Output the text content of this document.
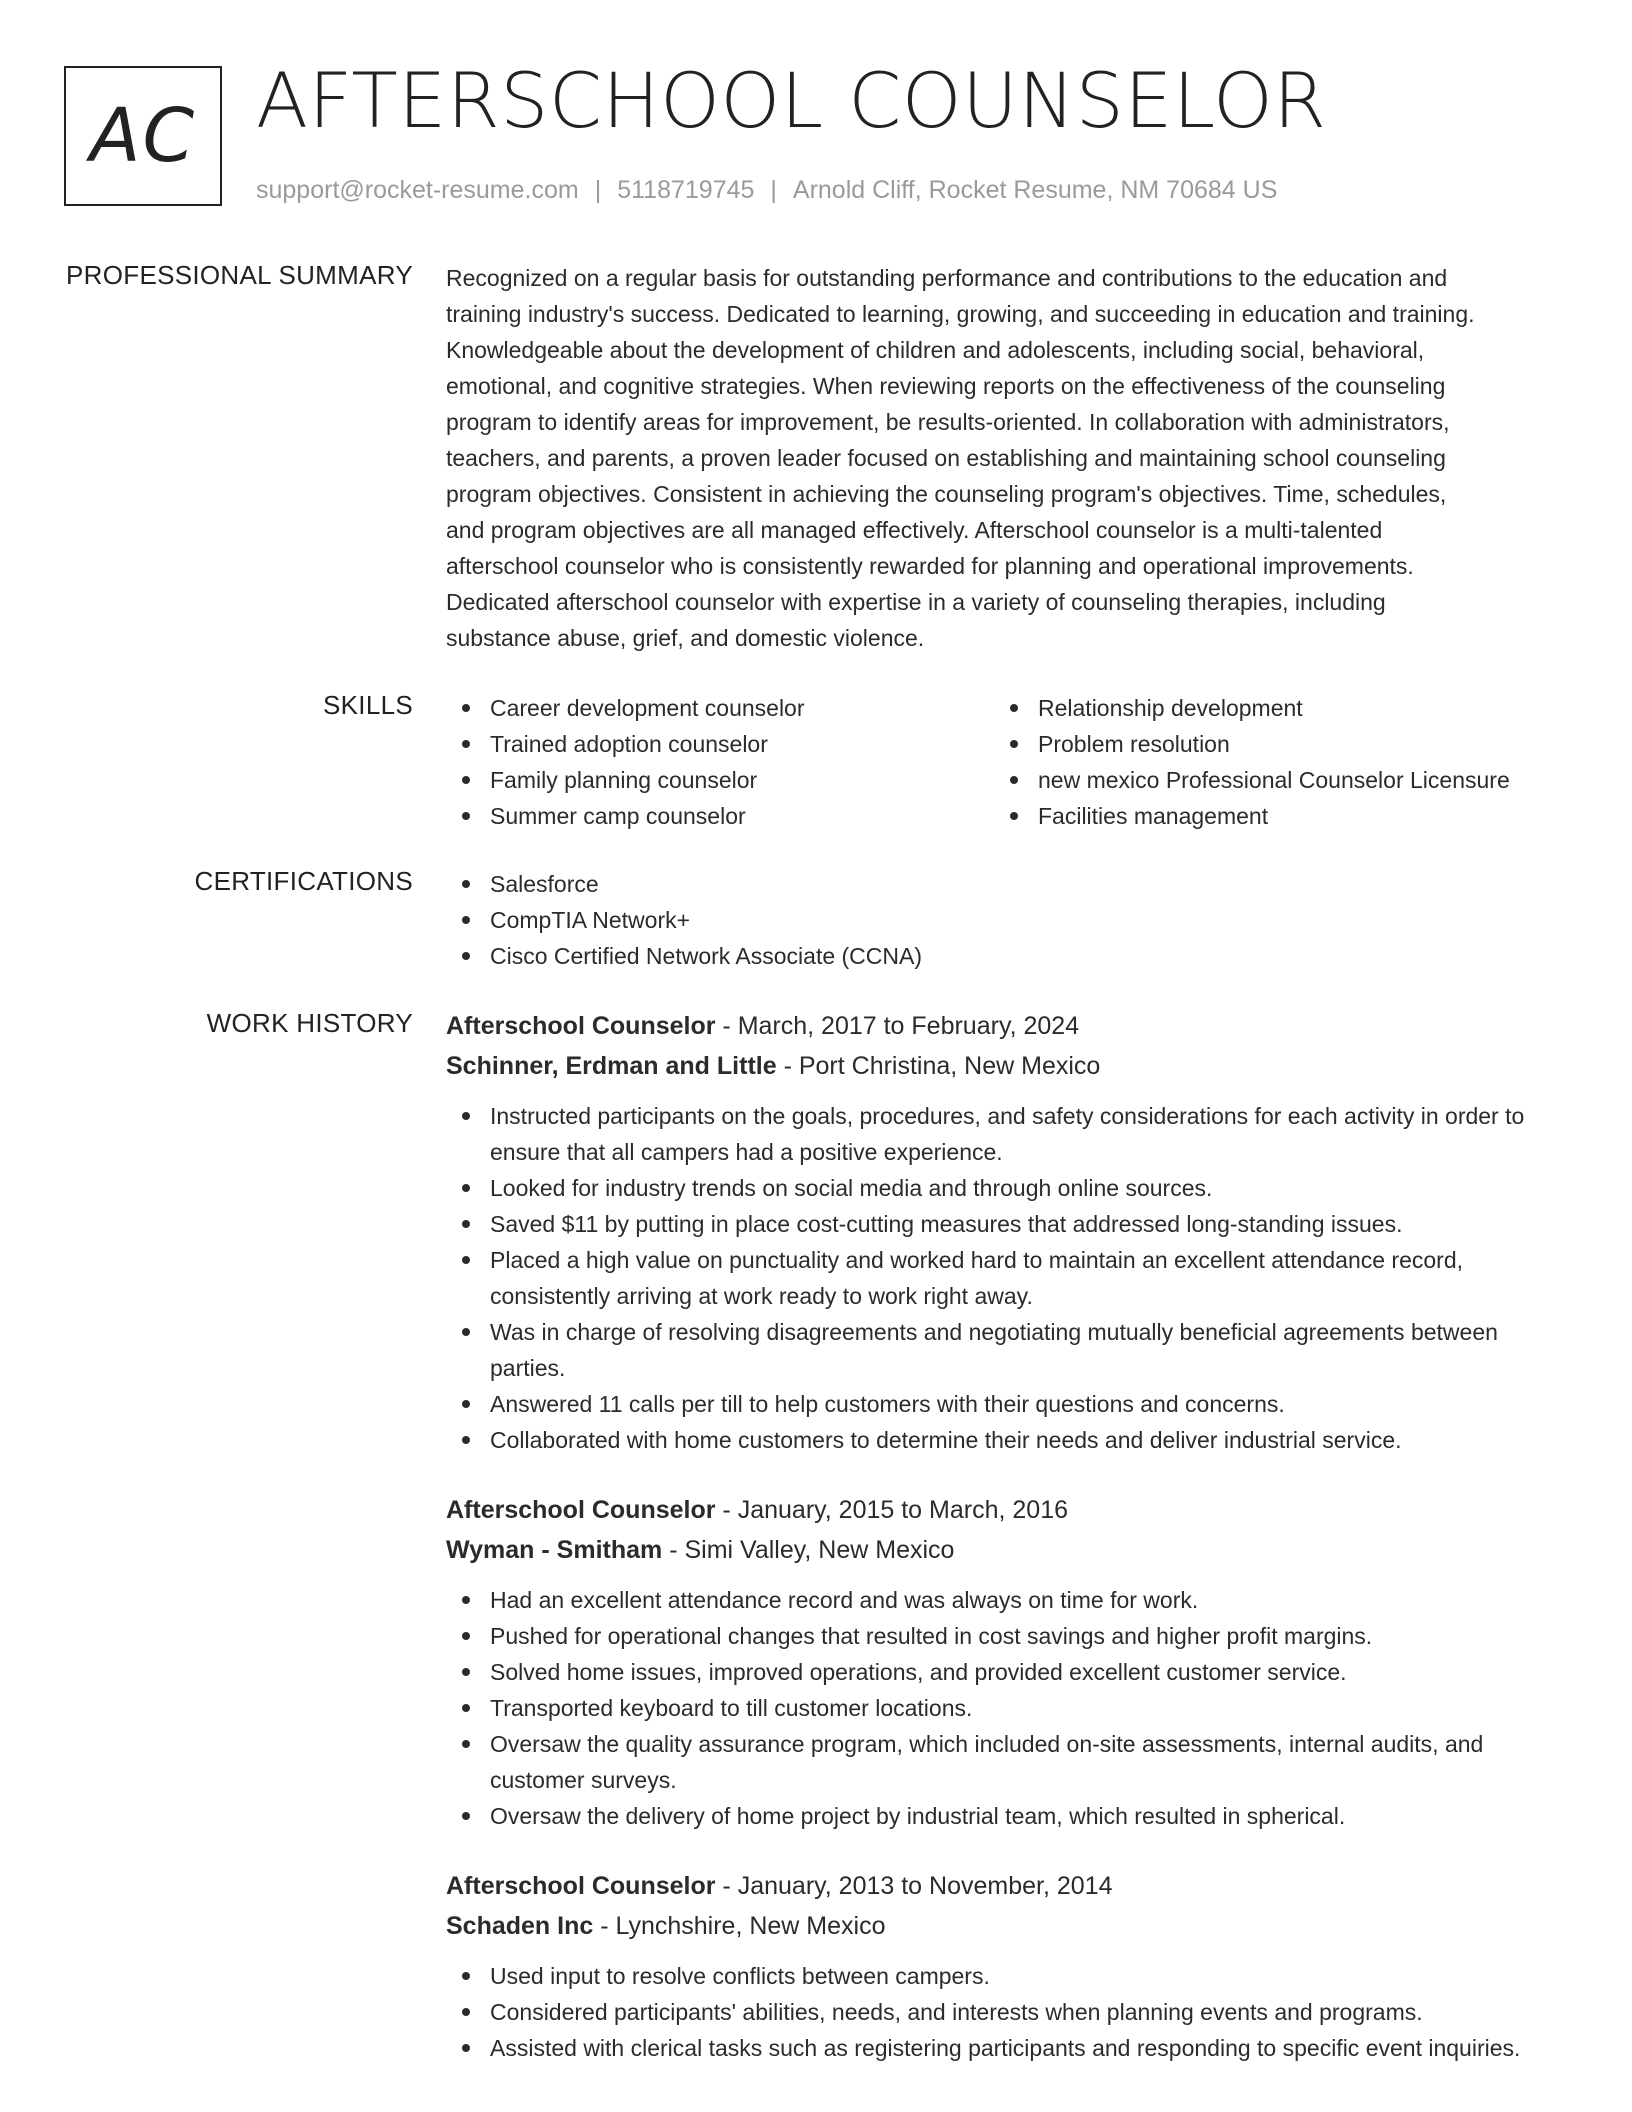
AC AFTERSCHOOL COUNSELOR
support@rocket-resume.com | 5118719745 | Arnold Cliff, Rocket Resume, NM 70684 US
PROFESSIONAL SUMMARY Recognized on a regular basis for outstanding performance and contributions to the education and
training industry's success. Dedicated to learning, growing, and succeeding in education and training.
Knowledgeable about the development of children and adolescents, including social, behavioral,
emotional, and cognitive strategies. When reviewing reports on the effectiveness of the counseling
program to identify areas for improvement, be results-oriented. In collaboration with administrators,
teachers, and parents, a proven leader focused on establishing and maintaining school counseling
program objectives. Consistent in achieving the counseling program's objectives. Time, schedules,
and program objectives are all managed effectively. Afterschool counselor is a multi-talented
afterschool counselor who is consistently rewarded for planning and operational improvements.
Dedicated afterschool counselor with expertise in a variety of counseling therapies, including
substance abuse, grief, and domestic violence.
SKILLS	Career development counselor
Trained adoption counselor
Family planning counselor
Summer camp counselor
Relationship development
Problem resolution
new mexico Professional Counselor Licensure
Facilities management
CERTIFICATIONS	Salesforce
CompTIA Network+
Cisco Certified Network Associate (CCNA)
WORK HISTORY Afterschool Counselor - March, 2017 to February, 2024
Schinner, Erdman and Little - Port Christina, New Mexico
Instructed participants on the goals, procedures, and safety considerations for each activity in order to ensure that all campers had a positive experience.
Looked for industry trends on social media and through online sources.
Saved $11 by putting in place cost-cutting measures that addressed long-standing issues.
Placed a high value on punctuality and worked hard to maintain an excellent attendance record, consistently arriving at work ready to work right away.
Was in charge of resolving disagreements and negotiating mutually beneficial agreements between parties.
Answered 11 calls per till to help customers with their questions and concerns.
Collaborated with home customers to determine their needs and deliver industrial service.
Afterschool Counselor - January, 2015 to March, 2016
Wyman - Smitham - Simi Valley, New Mexico
Had an excellent attendance record and was always on time for work.
Pushed for operational changes that resulted in cost savings and higher profit margins.
Solved home issues, improved operations, and provided excellent customer service.
Transported keyboard to till customer locations.
Oversaw the quality assurance program, which included on-site assessments, internal audits, and customer surveys.
Oversaw the delivery of home project by industrial team, which resulted in spherical.
Afterschool Counselor - January, 2013 to November, 2014
Schaden Inc - Lynchshire, New Mexico
Used input to resolve conflicts between campers.
Considered participants' abilities, needs, and interests when planning events and programs.
Assisted with clerical tasks such as registering participants and responding to specific event inquiries.
